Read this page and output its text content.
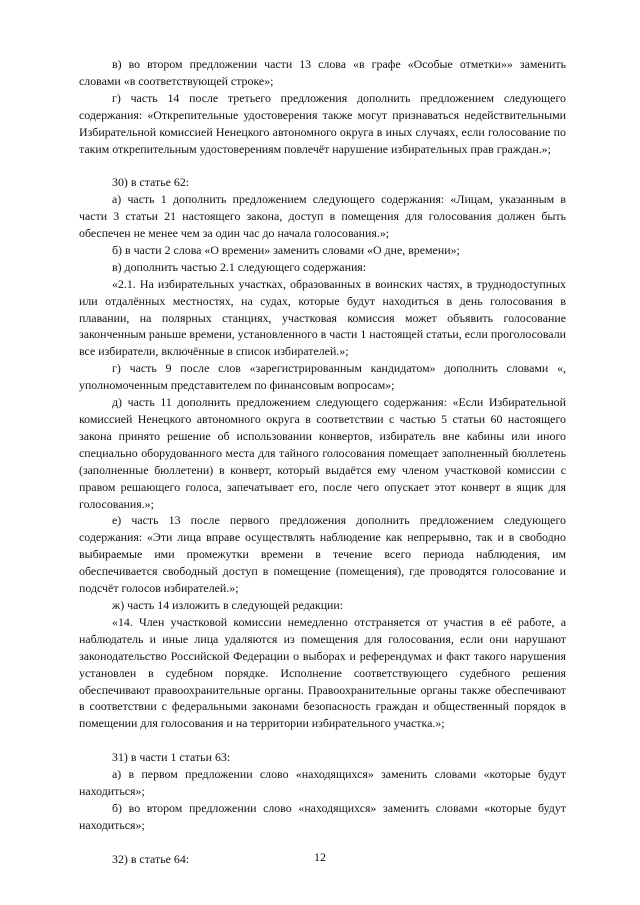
в) во втором предложении части 13 слова «в графе «Особые отметки»» заменить словами «в соответствующей строке»;

г) часть 14 после третьего предложения дополнить предложением следующего содержания: «Открепительные удостоверения также могут признаваться недействительными Избирательной комиссией Ненецкого автономного округа в иных случаях, если голосование по таким открепительным удостоверениям повлечёт нарушение избирательных прав граждан.»;

30) в статье 62:

а) часть 1 дополнить предложением следующего содержания: «Лицам, указанным в части 3 статьи 21 настоящего закона, доступ в помещения для голосования должен быть обеспечен не менее чем за один час до начала голосования.»;

б) в части 2 слова «О времени» заменить словами «О дне, времени»;

в) дополнить частью 2.1 следующего содержания:

«2.1. На избирательных участках, образованных в воинских частях, в труднодоступных или отдалённых местностях, на судах, которые будут находиться в день голосования в плавании, на полярных станциях, участковая комиссия может объявить голосование законченным раньше времени, установленного в части 1 настоящей статьи, если проголосовали все избиратели, включённые в список избирателей.»;

г) часть 9 после слов «зарегистрированным кандидатом» дополнить словами «, уполномоченным представителем по финансовым вопросам»;

д) часть 11 дополнить предложением следующего содержания: «Если Избирательной комиссией Ненецкого автономного округа в соответствии с частью 5 статьи 60 настоящего закона принято решение об использовании конвертов, избиратель вне кабины или иного специально оборудованного места для тайного голосования помещает заполненный бюллетень (заполненные бюллетени) в конверт, который выдаётся ему членом участковой комиссии с правом решающего голоса, запечатывает его, после чего опускает этот конверт в ящик для голосования.»;

е) часть 13 после первого предложения дополнить предложением следующего содержания: «Эти лица вправе осуществлять наблюдение как непрерывно, так и в свободно выбираемые ими промежутки времени в течение всего периода наблюдения, им обеспечивается свободный доступ в помещение (помещения), где проводятся голосование и подсчёт голосов избирателей.»;

ж) часть 14 изложить в следующей редакции:

«14. Член участковой комиссии немедленно отстраняется от участия в её работе, а наблюдатель и иные лица удаляются из помещения для голосования, если они нарушают законодательство Российской Федерации о выборах и референдумах и факт такого нарушения установлен в судебном порядке. Исполнение соответствующего судебного решения обеспечивают правоохранительные органы. Правоохранительные органы также обеспечивают в соответствии с федеральными законами безопасность граждан и общественный порядок в помещении для голосования и на территории избирательного участка.»;

31) в части 1 статьи 63:

а) в первом предложении слово «находящихся» заменить словами «которые будут находиться»;

б) во втором предложении слово «находящихся» заменить словами «которые будут находиться»;

32) в статье 64:	12
